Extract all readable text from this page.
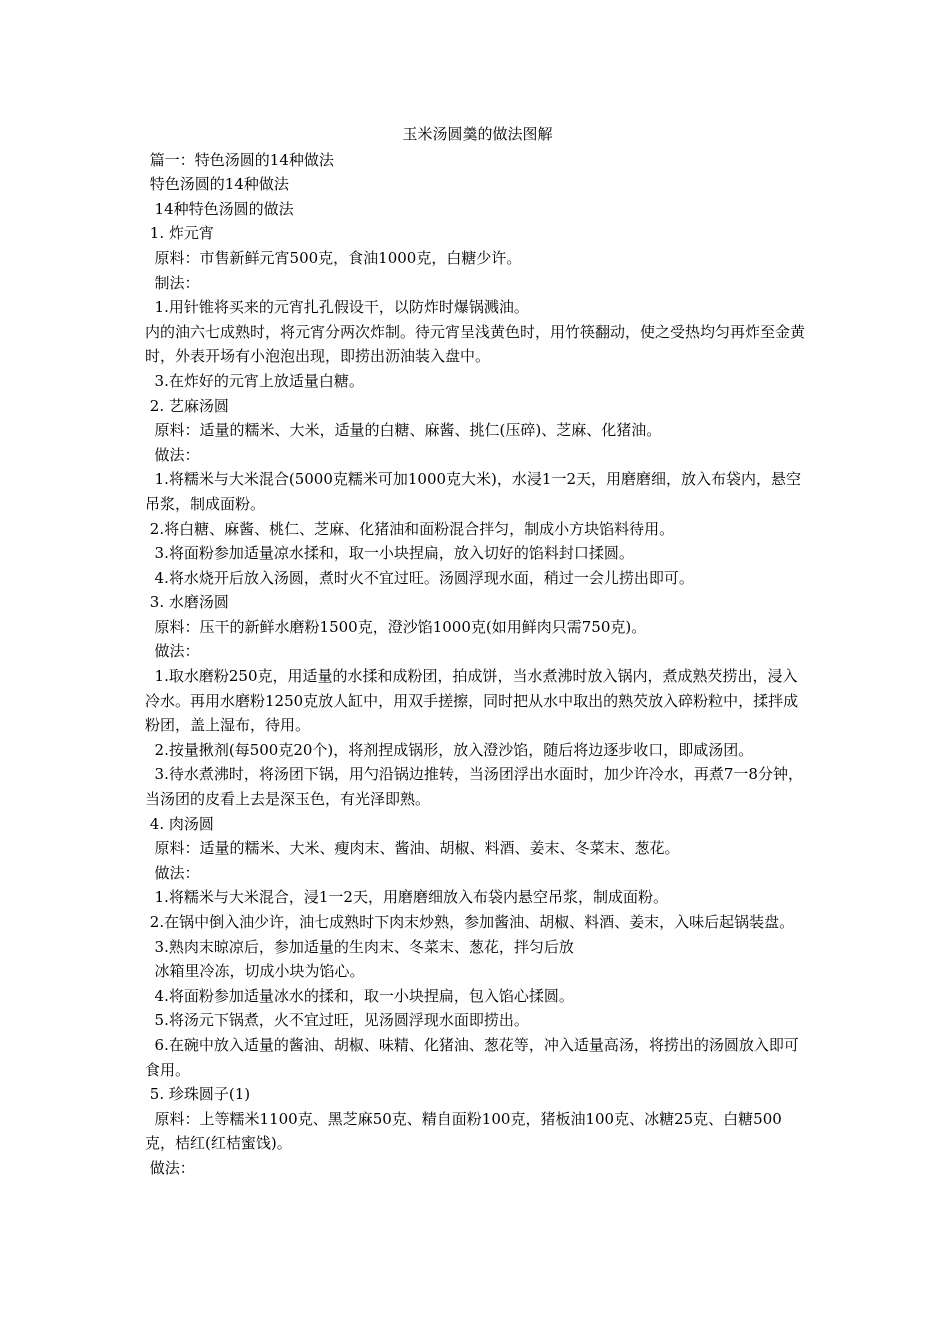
玉米汤圆羹的做法图解

篇一：特色汤圆的14种做法

特色汤圆的14种做法

14种特色汤圆的做法

1. 炸元宵

原料：市售新鲜元宵500克，食油1000克，白糖少许。

制法：

1.用针锥将买来的元宵扎孔假设干，以防炸时爆锅溅油。

内的油六七成熟时，将元宵分两次炸制。待元宵呈浅黄色时，用竹筷翻动，使之受热均匀再炸至金黄时，外表开场有小泡泡出现，即捞出沥油装入盘中。

3.在炸好的元宵上放适量白糖。

2. 艺麻汤圆

原料：适量的糯米、大米，适量的白糖、麻酱、挑仁(压碎)、芝麻、化猪油。

做法：

1.将糯米与大米混合(5000克糯米可加1000克大米)，水浸1一2天，用磨磨细，放入布袋内，悬空吊浆，制成面粉。

2.将白糖、麻酱、桃仁、芝麻、化猪油和面粉混合拌匀，制成小方块馅料待用。

3.将面粉参加适量凉水揉和，取一小块捏扁，放入切好的馅料封口揉圆。

4.将水烧开后放入汤圆，煮时火不宜过旺。汤圆浮现水面，稍过一会儿捞出即可。

3. 水磨汤圆

原料：压干的新鲜水磨粉1500克，澄沙馅1000克(如用鲜肉只需750克)。

做法：

1.取水磨粉250克，用适量的水揉和成粉团，拍成饼，当水煮沸时放入锅内，煮成熟芡捞出，浸入冷水。再用水磨粉1250克放人缸中，用双手搓擦，同时把从水中取出的熟芡放入碎粉粒中，揉拌成粉团，盖上湿布，待用。

2.按量揪剂(每500克20个)，将剂捏成锅形，放入澄沙馅，随后将边逐步收口，即咸汤团。

3.待水煮沸时，将汤团下锅，用勺沿锅边推转，当汤团浮出水面时，加少许冷水，再煮7一8分钟，当汤团的皮看上去是深玉色，有光泽即熟。

4. 肉汤圆

原料：适量的糯米、大米、瘦肉末、酱油、胡椒、料酒、姜末、冬菜末、葱花。

做法：

1.将糯米与大米混合，浸1一2天，用磨磨细放入布袋内悬空吊浆，制成面粉。

2.在锅中倒入油少许，油七成熟时下肉末炒熟，参加酱油、胡椒、料酒、姜末，入味后起锅装盘。

3.熟肉末晾凉后，参加适量的生肉末、冬菜末、葱花，拌匀后放

冰箱里冷冻，切成小块为馅心。

4.将面粉参加适量冰水的揉和，取一小块捏扁，包入馅心揉圆。

5.将汤元下锅煮，火不宜过旺，见汤圆浮现水面即捞出。

6.在碗中放入适量的酱油、胡椒、味精、化猪油、葱花等，冲入适量高汤，将捞出的汤圆放入即可食用。

5. 珍珠圆子(1)

原料：上等糯米1100克、黑芝麻50克、精自面粉100克，猪板油100克、冰糖25克、白糖500克，桔红(红桔蜜饯)。

做法：
